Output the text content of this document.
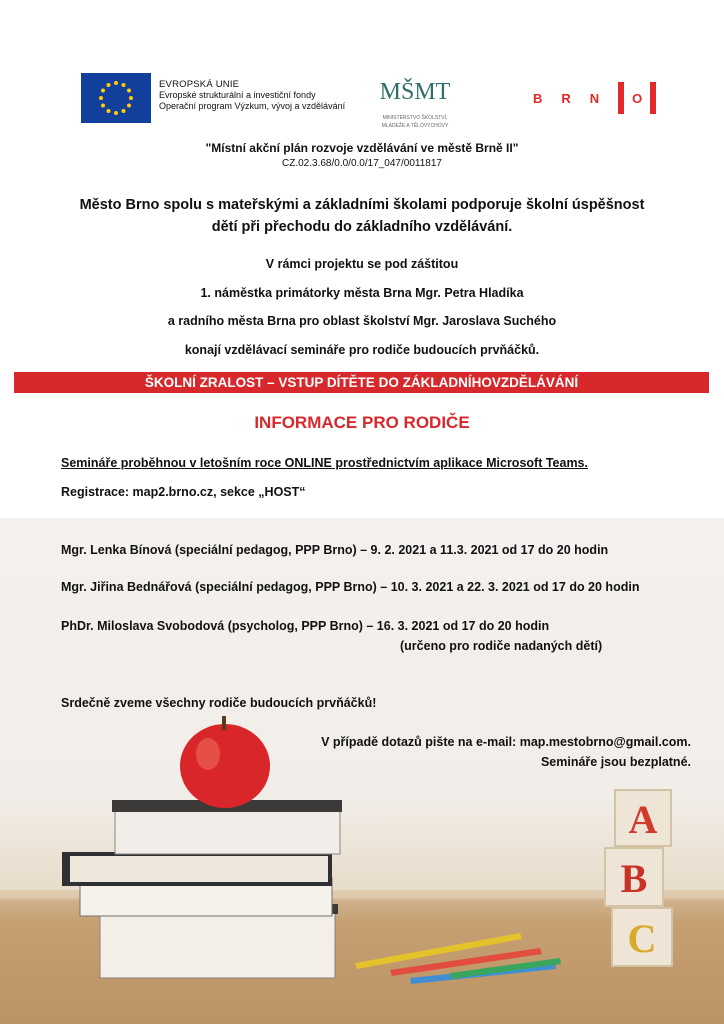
EVROPSKÁ UNIE
Evropské strukturální a investiční fondy
Operační program Výzkum, vývoj a vzdělávání
MŠMT
MINISTERSTVO ŠKOLSTVÍ,
MLÁDEŽE A TĚLOVÝCHOVY
B R N	O
"Místní akční plán rozvoje vzdělávání ve městě Brně II"
CZ.02.3.68/0.0/0.0/17_047/0011817
Město Brno spolu s mateřskými a základními školami podporuje školní úspěšnost
dětí při přechodu do základního vzdělávání.
V rámci projektu se pod záštitou
1. náměstka primátorky města Brna Mgr. Petra Hladíka
a radního města Brna pro oblast školství Mgr. Jaroslava Suchého
konají vzdělávací semináře pro rodiče budoucích prvňáčků.
ŠKOLNÍ ZRALOST – VSTUP DÍTĚTE DO ZÁKLADNÍHOVZDĚLÁVÁNÍ
INFORMACE PRO RODIČE
Semináře proběhnou v letošním roce ONLINE prostřednictvím aplikace Microsoft Teams.
Registrace: map2.brno.cz, sekce „HOST“
A
B
C
Mgr. Lenka Bínová (speciální pedagog, PPP Brno) – 9. 2. 2021 a 11.3. 2021 od 17 do 20 hodin
Mgr. Jiřina Bednářová (speciální pedagog, PPP Brno) – 10. 3. 2021 a 22. 3. 2021 od 17 do 20 hodin
PhDr. Miloslava Svobodová (psycholog, PPP Brno) – 16. 3. 2021 od 17 do 20 hodin
(určeno pro rodiče nadaných dětí)
Srdečně zveme všechny rodiče budoucích prvňáčků!
V případě dotazů pište na e-mail: map.mestobrno@gmail.com.
Semináře jsou bezplatné.
